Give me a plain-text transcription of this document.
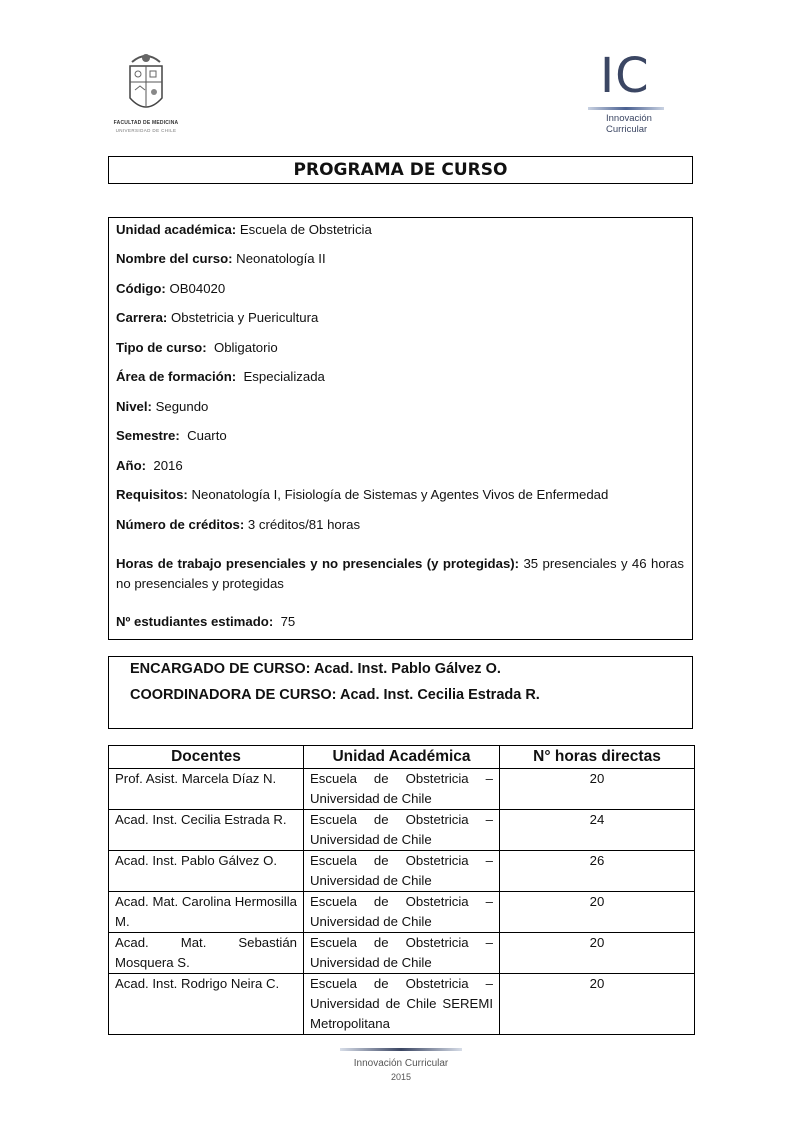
FACULTAD DE MEDICINA
UNIVERSIDAD DE CHILE
IC
Innovación
Curricular
PROGRAMA DE CURSO
Unidad académica: Escuela de Obstetricia
Nombre del curso: Neonatología II
Código: OB04020
Carrera: Obstetricia y Puericultura
Tipo de curso:  Obligatorio
Área de formación:  Especializada
Nivel: Segundo
Semestre:  Cuarto
Año:  2016
Requisitos: Neonatología I, Fisiología de Sistemas y Agentes Vivos de Enfermedad
Número de créditos: 3 créditos/81 horas
Horas de trabajo presenciales y no presenciales (y protegidas): 35 presenciales y 46 horas no presenciales y protegidas
Nº estudiantes estimado:  75
ENCARGADO DE CURSO: Acad. Inst. Pablo Gálvez O.
COORDINADORA DE CURSO: Acad. Inst. Cecilia Estrada R.
Docentes	Unidad Académica	N° horas directas
Prof. Asist. Marcela Díaz N.	Escuela de Obstetricia – Universidad de Chile	20
Acad. Inst. Cecilia Estrada R.	Escuela de Obstetricia – Universidad de Chile	24
Acad. Inst. Pablo Gálvez O.	Escuela de Obstetricia – Universidad de Chile	26
Acad. Mat. Carolina Hermosilla M.	Escuela de Obstetricia – Universidad de Chile	20
Acad. Mat. Sebastián Mosquera S.	Escuela de Obstetricia – Universidad de Chile	20
Acad. Inst. Rodrigo Neira C.	Escuela de Obstetricia – Universidad de Chile SEREMI Metropolitana	20
Innovación Curricular
2015
